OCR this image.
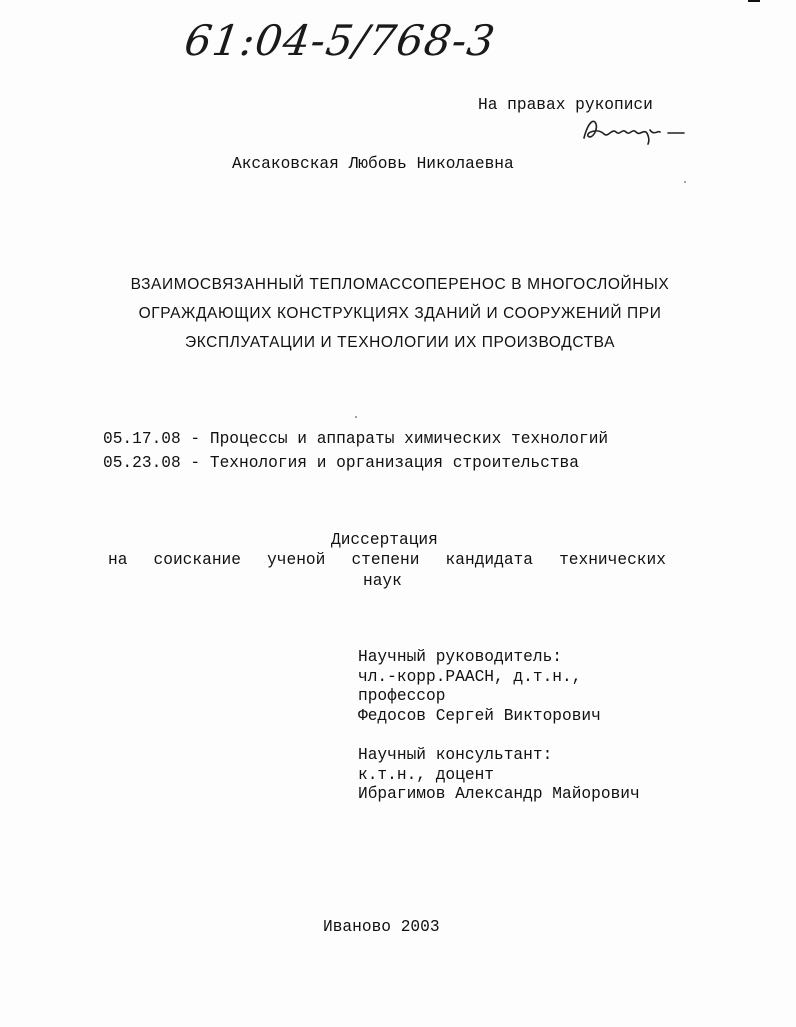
61:04-5/768-3
На правах рукописи
Аксаковская Любовь Николаевна
ВЗАИМОСВЯЗАННЫЙ ТЕПЛОМАССОПЕРЕНОС В МНОГОСЛОЙНЫХ
ОГРАЖДАЮЩИХ КОНСТРУКЦИЯХ ЗДАНИЙ И СООРУЖЕНИЙ ПРИ
ЭКСПЛУАТАЦИИ И ТЕХНОЛОГИИ ИХ ПРОИЗВОДСТВА
05.17.08 - Процессы и аппараты химических технологий
05.23.08 - Технология и организация строительства
Диссертация
на соискание ученой степени кандидата технических
наук
Научный руководитель:
чл.-корр.РААСН, д.т.н.,
профессор
Федосов Сергей Викторович
Научный консультант:
к.т.н., доцент
Ибрагимов Александр Майорович
Иваново 2003
